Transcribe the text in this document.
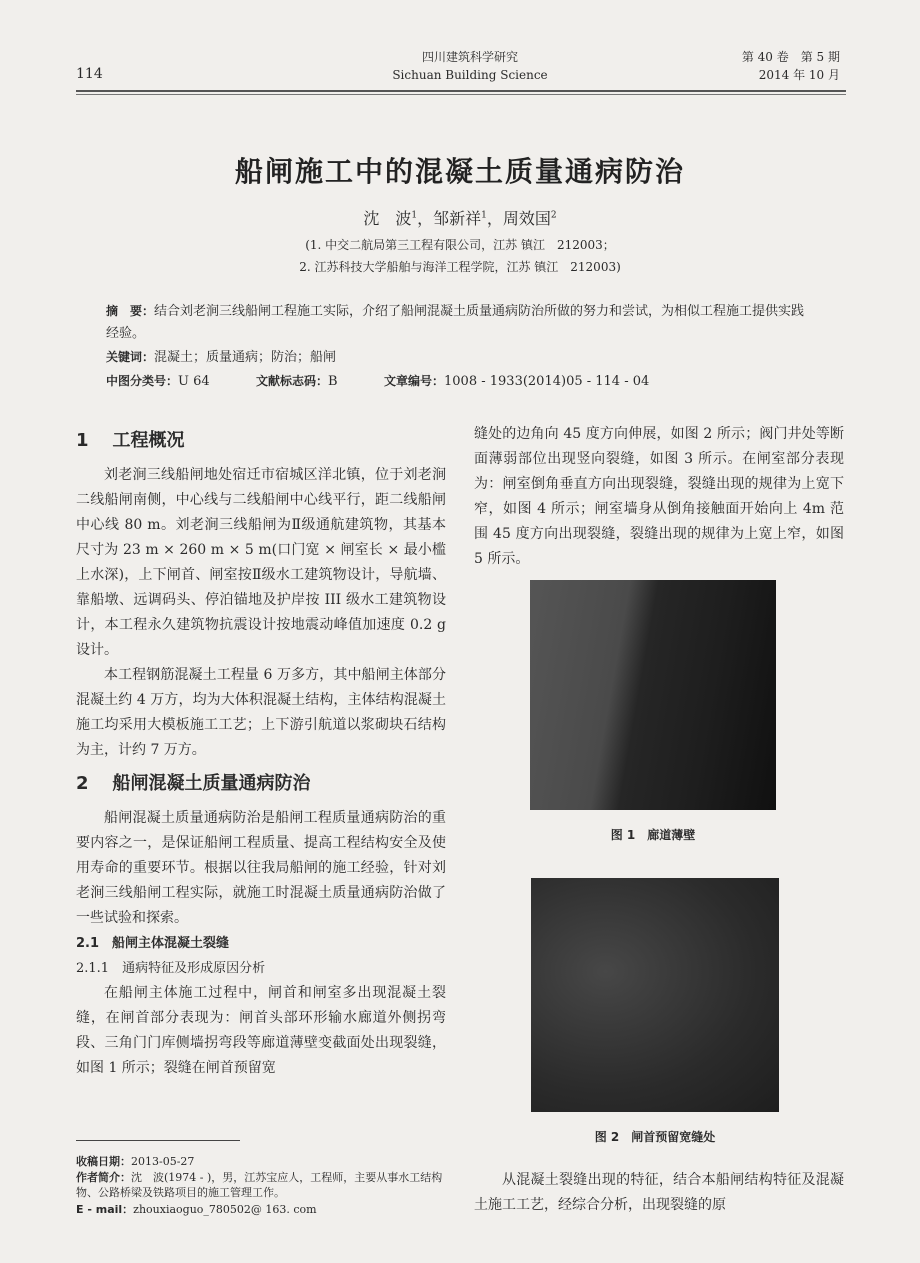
114
四川建筑科学研究
Sichuan Building Science
第 40 卷　第 5 期
2014 年 10 月
船闸施工中的混凝土质量通病防治
沈　波$^1$，邹新祥$^1$，周效国$^2$
(1. 中交二航局第三工程有限公司，江苏 镇江　212003；
2. 江苏科技大学船舶与海洋工程学院，江苏 镇江　212003)
摘　要：结合刘老涧三线船闸工程施工实际，介绍了船闸混凝土质量通病防治所做的努力和尝试，为相似工程施工提供实践经验。
关键词：混凝土；质量通病；防治；船闸
中图分类号：U 64	文献标志码：B	文章编号：1008 - 1933(2014)05 - 114 - 04
1 工程概况

刘老涧三线船闸地处宿迁市宿城区洋北镇，位于刘老涧二线船闸南侧，中心线与二线船闸中心线平行，距二线船闸中心线 80 m。刘老涧三线船闸为Ⅱ级通航建筑物，其基本尺寸为 23 m × 260 m × 5 m(口门宽 × 闸室长 × 最小槛上水深)，上下闸首、闸室按Ⅱ级水工建筑物设计，导航墙、靠船墩、远调码头、停泊锚地及护岸按 III 级水工建筑物设计，本工程永久建筑物抗震设计按地震动峰值加速度 0.2 g 设计。

本工程钢筋混凝土工程量 6 万多方，其中船闸主体部分混凝土约 4 万方，均为大体积混凝土结构，主体结构混凝土施工均采用大模板施工工艺；上下游引航道以浆砌块石结构为主，计约 7 万方。

2 船闸混凝土质量通病防治

船闸混凝土质量通病防治是船闸工程质量通病防治的重要内容之一，是保证船闸工程质量、提高工程结构安全及使用寿命的重要环节。根据以往我局船闸的施工经验，针对刘老涧三线船闸工程实际，就施工时混凝土质量通病防治做了一些试验和探索。

2.1　船闸主体混凝土裂缝
2.1.1　通病特征及形成原因分析

在船闸主体施工过程中，闸首和闸室多出现混凝土裂缝，在闸首部分表现为：闸首头部环形输水廊道外侧拐弯段、三角门门库侧墙拐弯段等廊道薄壁变截面处出现裂缝，如图 1 所示；裂缝在闸首预留宽

缝处的边角向 45 度方向伸展，如图 2 所示；阀门井处等断面薄弱部位出现竖向裂缝，如图 3 所示。在闸室部分表现为：闸室倒角垂直方向出现裂缝，裂缝出现的规律为上宽下窄，如图 4 所示；闸室墙身从倒角接触面开始向上 4m 范围 45 度方向出现裂缝，裂缝出现的规律为上宽上窄，如图 5 所示。

图 1　廊道薄壁
图 2　闸首预留宽缝处

从混凝土裂缝出现的特征，结合本船闸结构特征及混凝土施工工艺，经综合分析，出现裂缝的原

收稿日期：2013-05-27
作者简介：沈　波(1974 - )，男，江苏宝应人，工程师，主要从事水工结构物、公路桥梁及铁路项目的施工管理工作。
E - mail：zhouxiaoguo_780502@ 163. com
